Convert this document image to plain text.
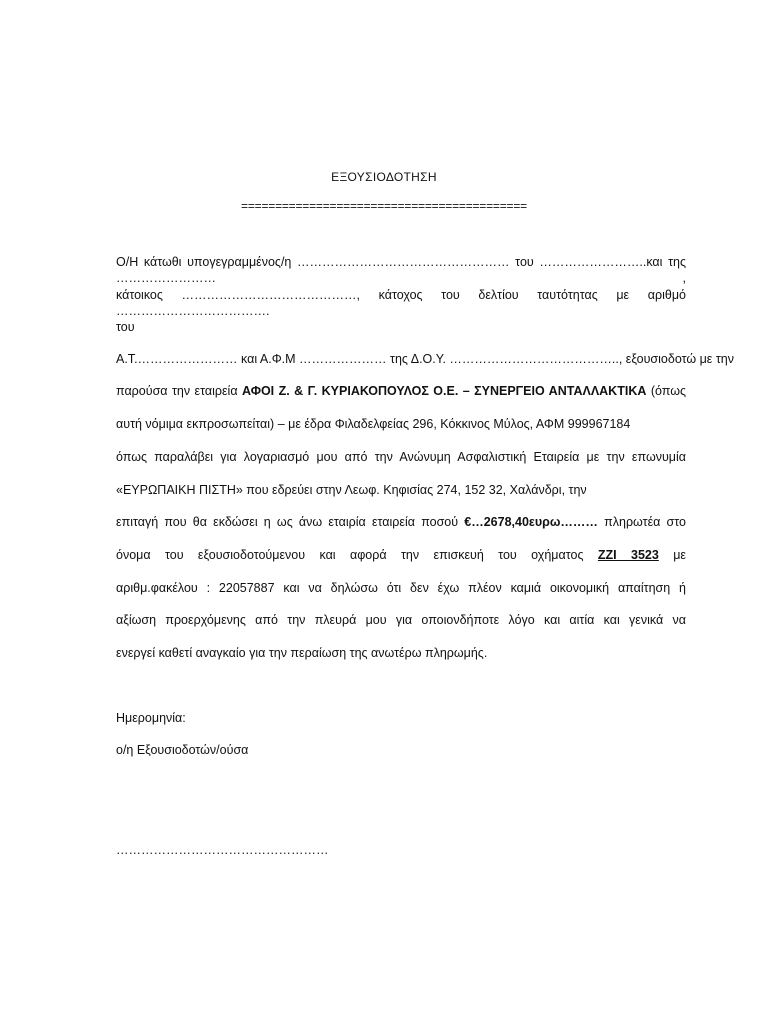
ΕΞΟΥΣΙΟΔΟΤΗΣΗ
==========================================
Ο/Η κάτωθι υπογεγραμμένος/η …………………………………………… του ……………………..και της …………………… ,
κάτοικος ……………………………………, κάτοχος του δελτίου ταυτότητας με αριθμό ……………………………….
του
Α.Τ.…………………… και Α.Φ.Μ ………………… της Δ.Ο.Υ. ………………………………….., εξουσιοδοτώ με την
παρούσα την εταιρεία ΑΦΟΙ Ζ. & Γ. ΚΥΡΙΑΚΟΠΟΥΛΟΣ Ο.Ε. – ΣΥΝΕΡΓΕΙΟ ΑΝΤΑΛΛΑΚΤΙΚΑ (όπως
αυτή νόμιμα εκπροσωπείται) – με έδρα Φιλαδελφείας 296, Κόκκινος Μύλος, ΑΦΜ 999967184
όπως παραλάβει για λογαριασμό μου από την Ανώνυμη Ασφαλιστική Εταιρεία με την επωνυμία
«ΕΥΡΩΠΑΙΚΗ ΠΙΣΤΗ» που εδρεύει στην Λεωφ. Κηφισίας 274, 152 32, Χαλάνδρι, την
επιταγή που θα εκδώσει η ως άνω εταιρία εταιρεία ποσού €…2678,40ευρω……… πληρωτέα στο
όνομα του εξουσιοδοτούμενου και αφορά την επισκευή του οχήματος ΖΖΙ 3523 με
αριθμ.φακέλου : 22057887 και να δηλώσω ότι δεν έχω πλέον καμιά οικονομική απαίτηση ή
αξίωση προερχόμενης από την πλευρά μου για οποιονδήποτε λόγο και αιτία και γενικά να
ενεργεί καθετί αναγκαίο για την περαίωση της ανωτέρω πληρωμής.
Ημερομηνία:
ο/η Εξουσιοδοτών/ούσα
……………………………………………
